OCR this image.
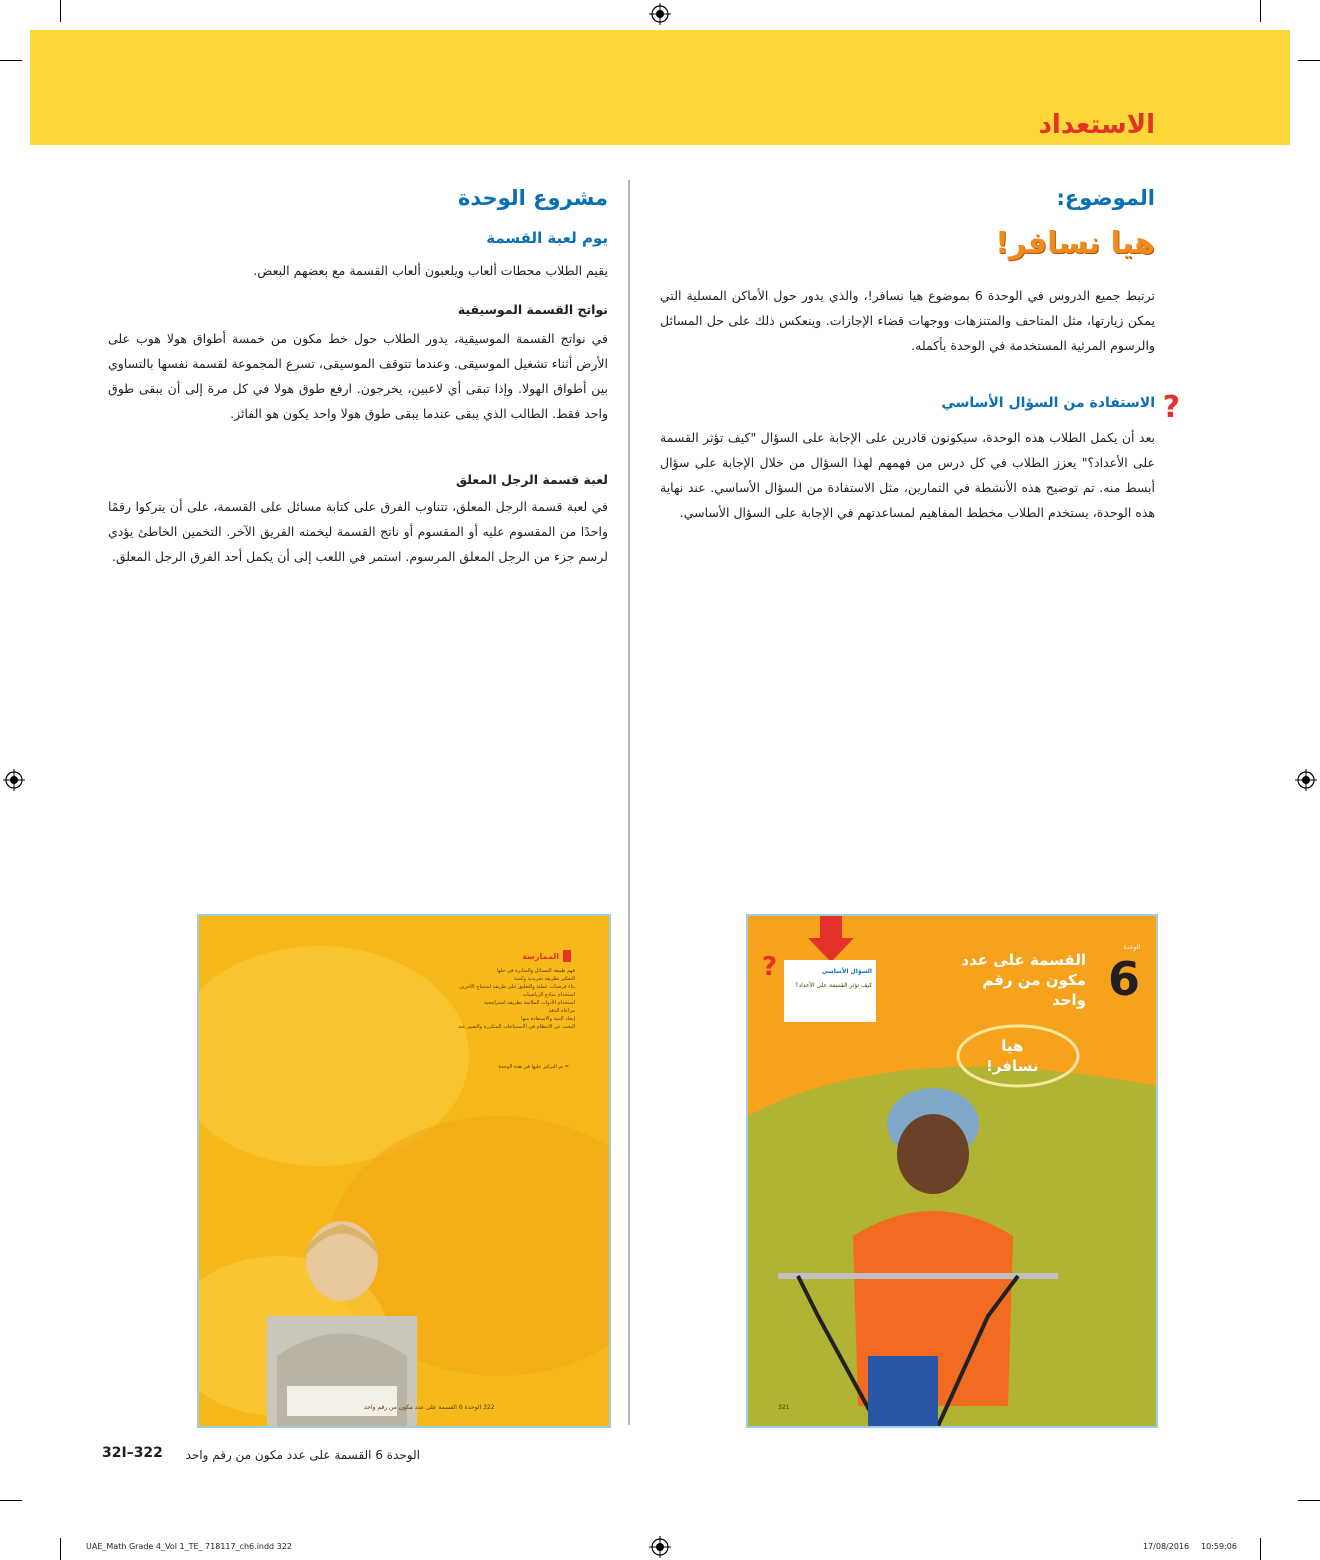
الاستعداد
الموضوع:
هيا نسافر!
ترتبط جميع الدروس في الوحدة 6 بموضوع هيا نسافر!، والذي يدور حول الأماكن المسلية التي يمكن زيارتها، مثل المتاحف والمتنزهات ووجهات قضاء الإجازات. وينعكس ذلك على حل المسائل والرسوم المرئية المستخدمة في الوحدة بأكمله.
?
الاستفادة من السؤال الأساسي
بعد أن يكمل الطلاب هذه الوحدة، سيكونون قادرين على الإجابة على السؤال "كيف تؤثر القسمة على الأعداد؟" يعزز الطلاب في كل درس من فهمهم لهذا السؤال من خلال الإجابة على سؤال أبسط منه. تم توضيح هذه الأنشطة في التمارين، مثل الاستفادة من السؤال الأساسي. عند نهاية هذه الوحدة، يستخدم الطلاب مخطط المفاهيم لمساعدتهم في الإجابة على السؤال الأساسي.
مشروع الوحدة
يوم لعبة القسمة
يقيم الطلاب محطات ألعاب ويلعبون ألعاب القسمة مع بعضهم البعض.
نواتج القسمة الموسيقية
في نواتج القسمة الموسيقية، يدور الطلاب حول خط مكون من خمسة أطواق هولا هوب على الأرض أثناء تشغيل الموسيقى. وعندما تتوقف الموسيقى، تسرع المجموعة لقسمة نفسها بالتساوي بين أطواق الهولا. وإذا تبقى أي لاعبين، يخرجون. ارفع طوق هولا في كل مرة إلى أن يبقى طوق واحد فقط. الطالب الذي يبقى عندما يبقى طوق هولا واحد يكون هو الفائز.
لعبة قسمة الرجل المعلق
في لعبة قسمة الرجل المعلق، تتناوب الفرق على كتابة مسائل على القسمة، على أن يتركوا رقمًا واحدًا من المقسوم عليه أو المقسوم أو ناتج القسمة ليخمنه الفريق الآخر. التخمين الخاطئ يؤدي لرسم جزء من الرجل المعلق المرسوم. استمر في اللعب إلى أن يكمل أحد الفرق الرجل المعلق.
الممارسة
فهم طبيعة المسائل والمثابرة في حلها
التفكير بطريقة تجريدية وكمية
بناء فرضيات عملية والتعليق على طريقة استنتاج الآخرين
استخدام نماذج الرياضيات
استخدام الأدوات الملائمة بطريقة استراتيجية
مراعاة الدقة
إيجاد البنية والاستفادة منها
البحث عن الانتظام في الاستنتاجات المتكررة والتعبير عنه
= تم التركيز عليها في هذه الوحدة
322 الوحدة 6 القسمة على عدد مكون من رقم واحد
السؤال الأساسي
كيف تؤثر القسمة على الأعداد؟
?
الوحدة
6
القسمة على عدد
مكون من رقم
واحد
هيا
نسافر!
321
الوحدة 6 القسمة على عدد مكون من رقم واحد
32I–322
UAE_Math Grade 4_Vol 1_TE_ 718117_ch6.indd 322	17/08/2016 10:59:06
